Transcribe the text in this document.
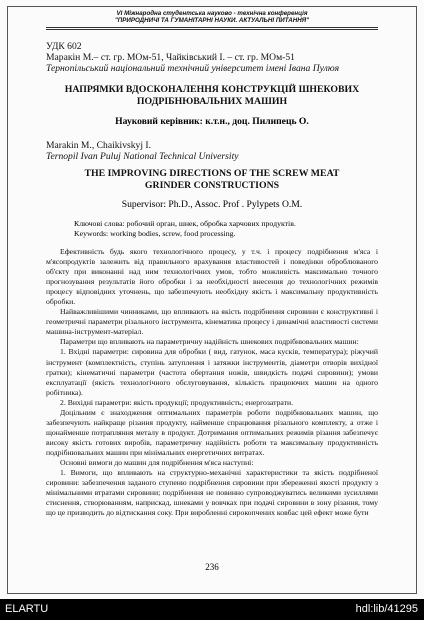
VI Міжнародна студентська науково - технічна конференція
"ПРИРОДНИЧІ ТА ГУМАНІТАРНІ НАУКИ. АКТУАЛЬНІ ПИТАННЯ"
УДК 602
Маракін М.– ст. гр. МОм-51, Чайківський І. – ст. гр. МОм-51
Тернопільський національний технічний університет імені Івана Пулюя
НАПРЯМКИ ВДОСКОНАЛЕННЯ КОНСТРУКЦІЙ ШНЕКОВИХ
ПОДРІБНЮВАЛЬНИХ МАШИН
Науковий керівник: к.т.н., доц. Пилипець О.
Marakin M., Chaikivskyj I.
Ternopil Ivan Puluj National Technical University
THE IMPROVING DIRECTIONS OF THE SCREW MEAT
GRINDER CONSTRUCTIONS
Supervisor: Ph.D., Assoc. Prof . Pylypets O.M.
Ключові слова: робочий орган, шнек, обробка харчових продуктів.
Keywords: working bodies, screw, food processing.

Ефективність будь якого технологічного процесу, у т.ч. і процесу подрібнення м'яса і м'ясопродуктів залежить від правильного врахування властивостей і поведінки оброблюваного об'єкту при виконанні над ним технологічних умов, тобто можливість максимально точного прогнозування результатів його обробки і за необхідності внесення до технологічних режимів процесу відповідних уточнень, що забезпечують необхідну якість і максимальну продуктивність обробки.

Найважливішими чинниками, що впливають на якість подрібнення сировини є конструктивні і геометричні параметри різального інструмента, кінематика процесу і динамічні властивості системи машина-інструмент-матеріал.

Параметри що впливають на параметричну надійність шнекових подрібнювальних машин:

1. Вхідні параметри: сировина для обробки ( вид, гатунок, маса кусків, температура); ріжучий інструмент (комплектність, ступінь затуплення і затяжки інструментів, діаметри отворів вихідної гратки); кінематичні параметри (частота обертання ножів, швидкість подачі сировини); умови експлуатації (якість технологічного обслуговування, кількість працюючих машин на одного робітника).

2. Вихідні параметри: якість продукції; продуктивність; енергозатрати.

Доцільним є знаходження оптимальних параметрів роботи подрібнювальних машин, що забезпечують найкраще різання продукту, найменше спрацювання різального комплекту, а отже і щонайменше потрапляння металу в продукт. Дотримання оптимальних режимів різання забезпечує високу якість готових виробів, параметричну надійність роботи та максимальну продуктивність подрібнювальних машин при мінімальних енергетичних витратах.

Основні вимоги до машин для подрібнення м'яса наступні:

1. Вимоги, що впливають на структурно-механічні характеристики та якість подрібненої сировини: забезпечення заданого ступеню подрібнення сировини при збереженні якості продукту з мінімальними втратами сировини; подрібнення не повинно супроводжуватись великими зусиллями стиснення, створюванням, наприскад, шнеками у вовчках при подачі сировини в зону різання, тому що це призводить до відтискання соку. При виробленні сирокопчених ковбас цей ефект може бути

236
ELARTU	hdl:lib/41295
